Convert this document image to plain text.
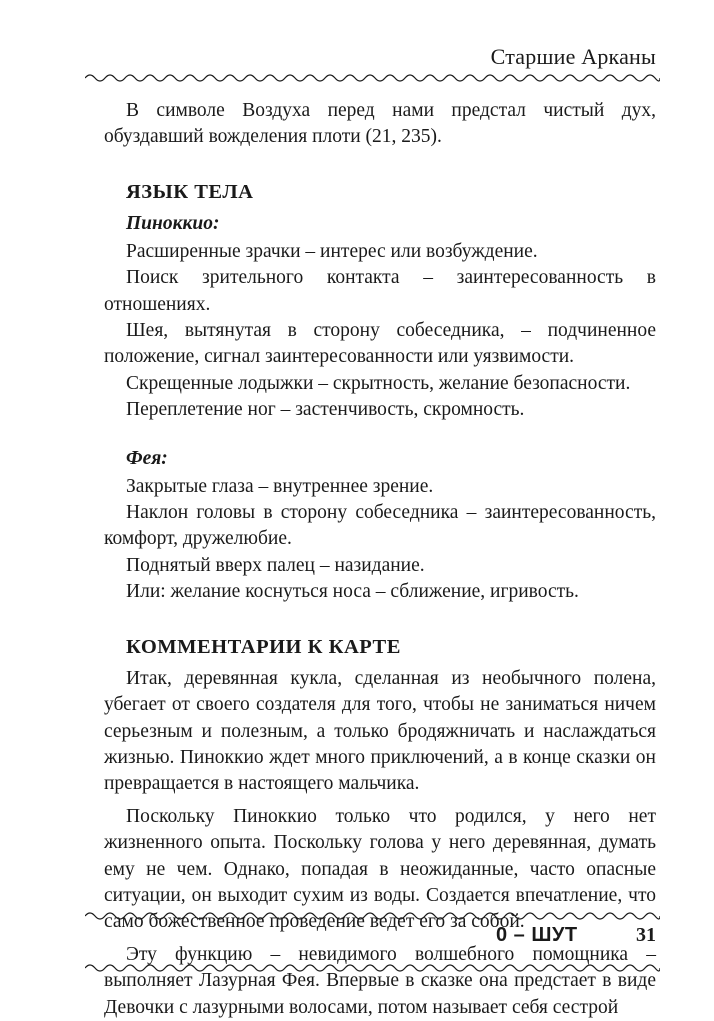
Старшие Арканы

В символе Воздуха перед нами предстал чистый дух, обуздавший вожделения плоти (21, 235).

ЯЗЫК ТЕЛА
Пиноккио:

Расширенные зрачки – интерес или возбуждение.

Поиск зрительного контакта – заинтересованность в отношениях.

Шея, вытянутая в сторону собеседника, – подчиненное положение, сигнал заинтересованности или уязвимости.

Скрещенные лодыжки – скрытность, желание безопасности.

Переплетение ног – застенчивость, скромность.

Фея:

Закрытые глаза – внутреннее зрение.

Наклон головы в сторону собеседника – заинтересованность, комфорт, дружелюбие.

Поднятый вверх палец – назидание.

Или: желание коснуться носа – сближение, игривость.

КОММЕНТАРИИ К КАРТЕ

Итак, деревянная кукла, сделанная из необычного полена, убегает от своего создателя для того, чтобы не заниматься ничем серьезным и полезным, а только бродяжничать и наслаждаться жизнью. Пиноккио ждет много приключений, а в конце сказки он превращается в настоящего мальчика.

Поскольку Пиноккио только что родился, у него нет жизненного опыта. Поскольку голова у него деревянная, думать ему не чем. Однако, попадая в неожиданные, часто опасные ситуации, он выходит сухим из воды. Создается впечатление, что само божественное проведение ведет его за собой.

Эту функцию – невидимого волшебного помощника – выполняет Лазурная Фея. Впервые в сказке она предстает в виде Девочки с лазурными волосами, потом называет себя сестрой

0 – ШУТ	31
